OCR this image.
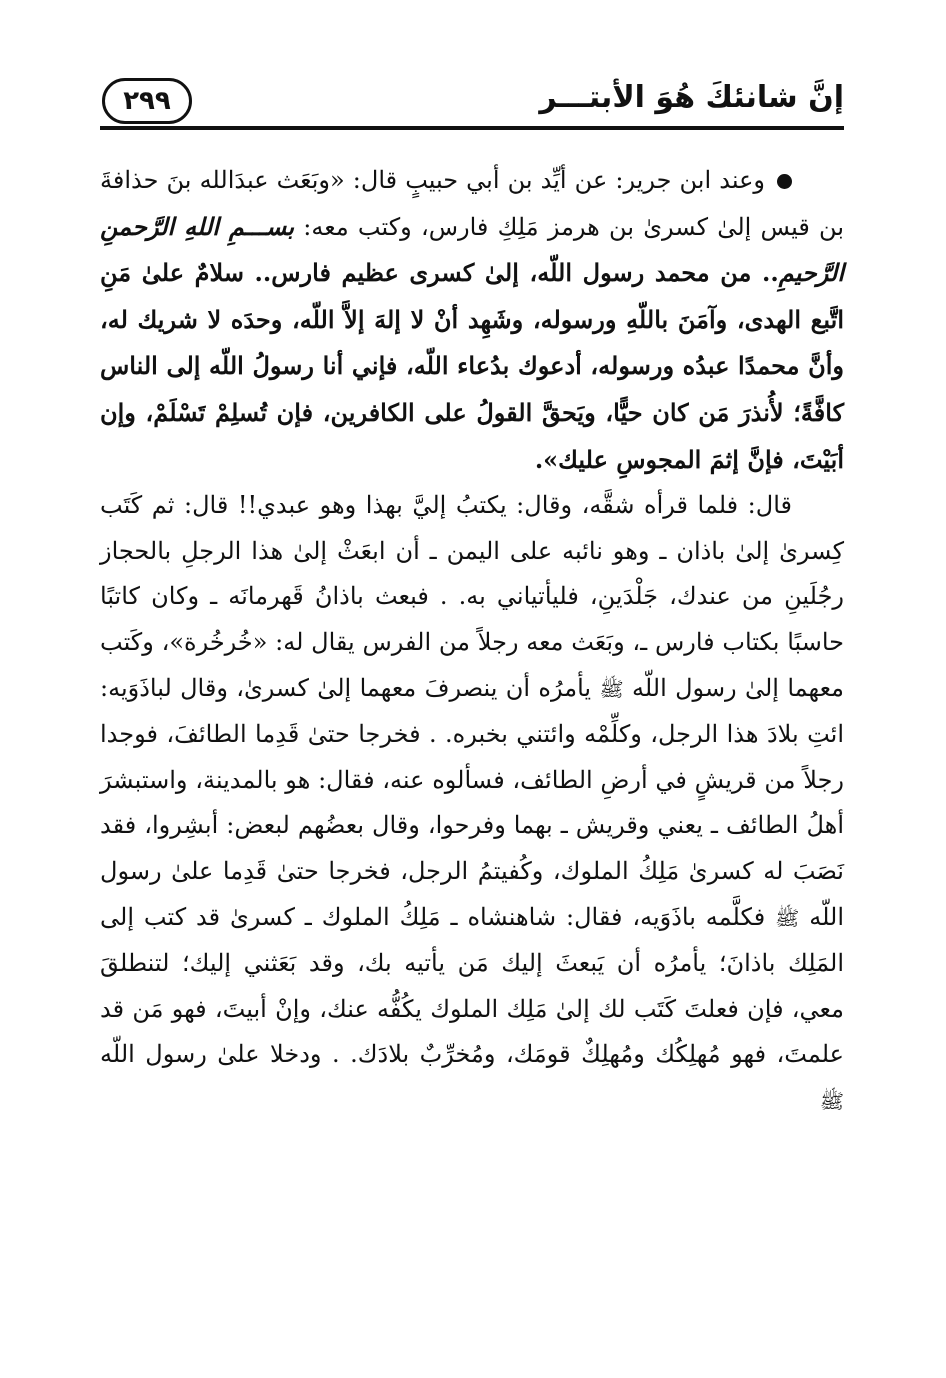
إنَّ شانئكَ هُوَ الأبتـــر
٢٩٩

وعند ابن جرير: عن أيِّد بن أبي حبيبٍ قال: «وبَعَث عبدَالله بنَ حذافةَ بن قيس إلىٰ كسرىٰ بن هرمز مَلِكِ فارس، وكتب معه: بســـمِ اللهِ الرَّحمنِ الرَّحيمِ.. من محمد رسول اللّه، إلىٰ كسرى عظيم فارس.. سلامٌ علىٰ مَنِ اتَّبع الهدى، وآمَنَ باللّهِ ورسوله، وشَهِد أنْ لا إلهَ إلاَّ اللّه، وحدَه لا شريك له، وأنَّ محمدًا عبدُه ورسوله، أدعوك بدُعاء اللّه، فإني أنا رسولُ اللّه إلى الناس كافَّةً؛ لأُنذرَ مَن كان حيًّا، ويَحقَّ القولُ على الكافرين، فإن تُسلِمْ تَسْلَمْ، وإن أبَيْتَ، فإنَّ إثمَ المجوسِ عليك».

قال: فلما قرأه شقَّه، وقال: يكتبُ إليَّ بهذا وهو عبدي!! قال: ثم كَتَب كِسرىٰ إلىٰ باذان ـ وهو نائبه على اليمن ـ أن ابعَثْ إلىٰ هذا الرجلِ بالحجاز رجُلَينِ من عندك، جَلْدَينِ، فليأتياني به. . فبعث باذانُ قَهرمانَه ـ وكان كاتبًا حاسبًا بكتاب فارس ـ، وبَعَث معه رجلاً من الفرس يقال له: «خُرخُرة»، وكَتب معهما إلىٰ رسول اللّه ﷺ يأمرُه أن ينصرفَ معهما إلىٰ كسرىٰ، وقال لباذَوَيه: ائتِ بلادَ هذا الرجل، وكلِّمْه وائتني بخبره. . فخرجا حتىٰ قَدِما الطائفَ، فوجدا رجلاً من قريشٍ في أرضِ الطائف، فسألوه عنه، فقال: هو بالمدينة، واستبشرَ أهلُ الطائف ـ يعني وقريش ـ بهما وفرحوا، وقال بعضُهم لبعض: أبشِروا، فقد نَصَبَ له كسرىٰ مَلِكُ الملوك، وكُفيتمُ الرجل، فخرجا حتىٰ قَدِما علىٰ رسول اللّه ﷺ فكلَّمه باذَوَيه، فقال: شاهنشاه ـ مَلِكُ الملوك ـ كسرىٰ قد كتب إلى المَلِك باذانَ؛ يأمرُه أن يَبعثَ إليك مَن يأتيه بك، وقد بَعَثني إليك؛ لتنطلقَ معي، فإن فعلتَ كَتَب لك إلىٰ مَلِك الملوك يكُفُّه عنك، وإنْ أبيتَ، فهو مَن قد علمتَ، فهو مُهلِكُك ومُهلِكٌ قومَك، ومُخرِّبٌ بلادَك. . ودخلا علىٰ رسول اللّه ﷺ
